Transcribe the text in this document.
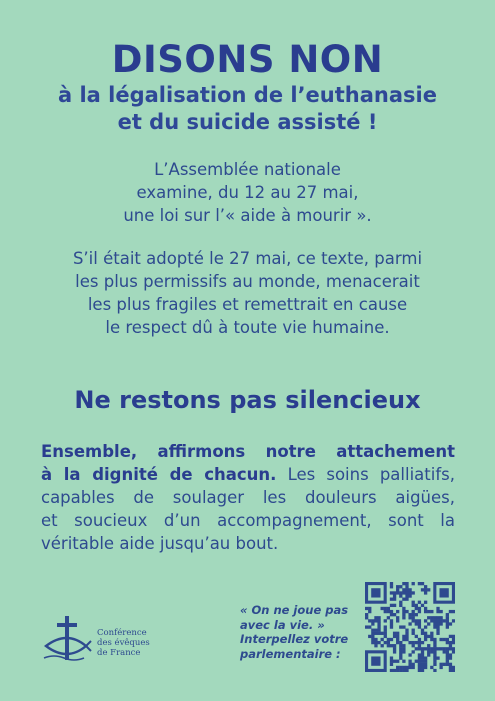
DISONS NON
à la légalisation de l’euthanasie
et du suicide assisté !
L’Assemblée nationale
examine, du 12 au 27 mai,
une loi sur l’« aide à mourir ».
S’il était adopté le 27 mai, ce texte, parmi
les plus permissifs au monde, menacerait
les plus fragiles et remettrait en cause
le respect dû à toute vie humaine.
Ne restons pas silencieux
Ensemble, affirmons notre attachement
à la dignité de chacun. Les soins palliatifs,
capables de soulager les douleurs aigües,
et soucieux d’un accompagnement, sont la
véritable aide jusqu’au bout.
Conférence
des évêques
de France
« On ne joue pas
avec la vie. »
Interpellez votre
parlementaire :
